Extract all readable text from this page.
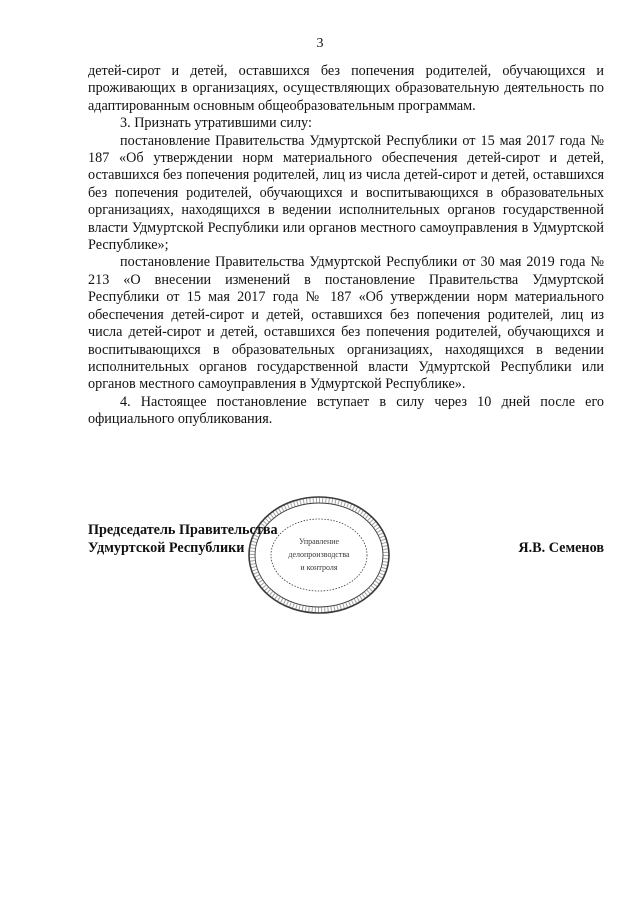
3

детей-сирот и детей, оставшихся без попечения родителей, обучающихся и проживающих в организациях, осуществляющих образовательную деятельность по адаптированным основным общеобразовательным программам.

3. Признать утратившими силу:

постановление Правительства Удмуртской Республики от 15 мая 2017 года № 187 «Об утверждении норм материального обеспечения детей-сирот и детей, оставшихся без попечения родителей, лиц из числа детей-сирот и детей, оставшихся без попечения родителей, обучающихся и воспитывающихся в образовательных организациях, находящихся в ведении исполнительных органов государственной власти Удмуртской Республики или органов местного самоуправления в Удмуртской Республике»;

постановление Правительства Удмуртской Республики от 30 мая 2019 года № 213 «О внесении изменений в постановление Правительства Удмуртской Республики от 15 мая 2017 года № 187 «Об утверждении норм материального обеспечения детей-сирот и детей, оставшихся без попечения родителей, лиц из числа детей-сирот и детей, оставшихся без попечения родителей, обучающихся и воспитывающихся в образовательных организациях, находящихся в ведении исполнительных органов государственной власти Удмуртской Республики или органов местного самоуправления в Удмуртской Республике».

4. Настоящее постановление вступает в силу через 10 дней после его официального опубликования.

Управление
делопроизводства
и контроля
Председатель Правительства
Удмуртской Республики	Я.В. Семенов
